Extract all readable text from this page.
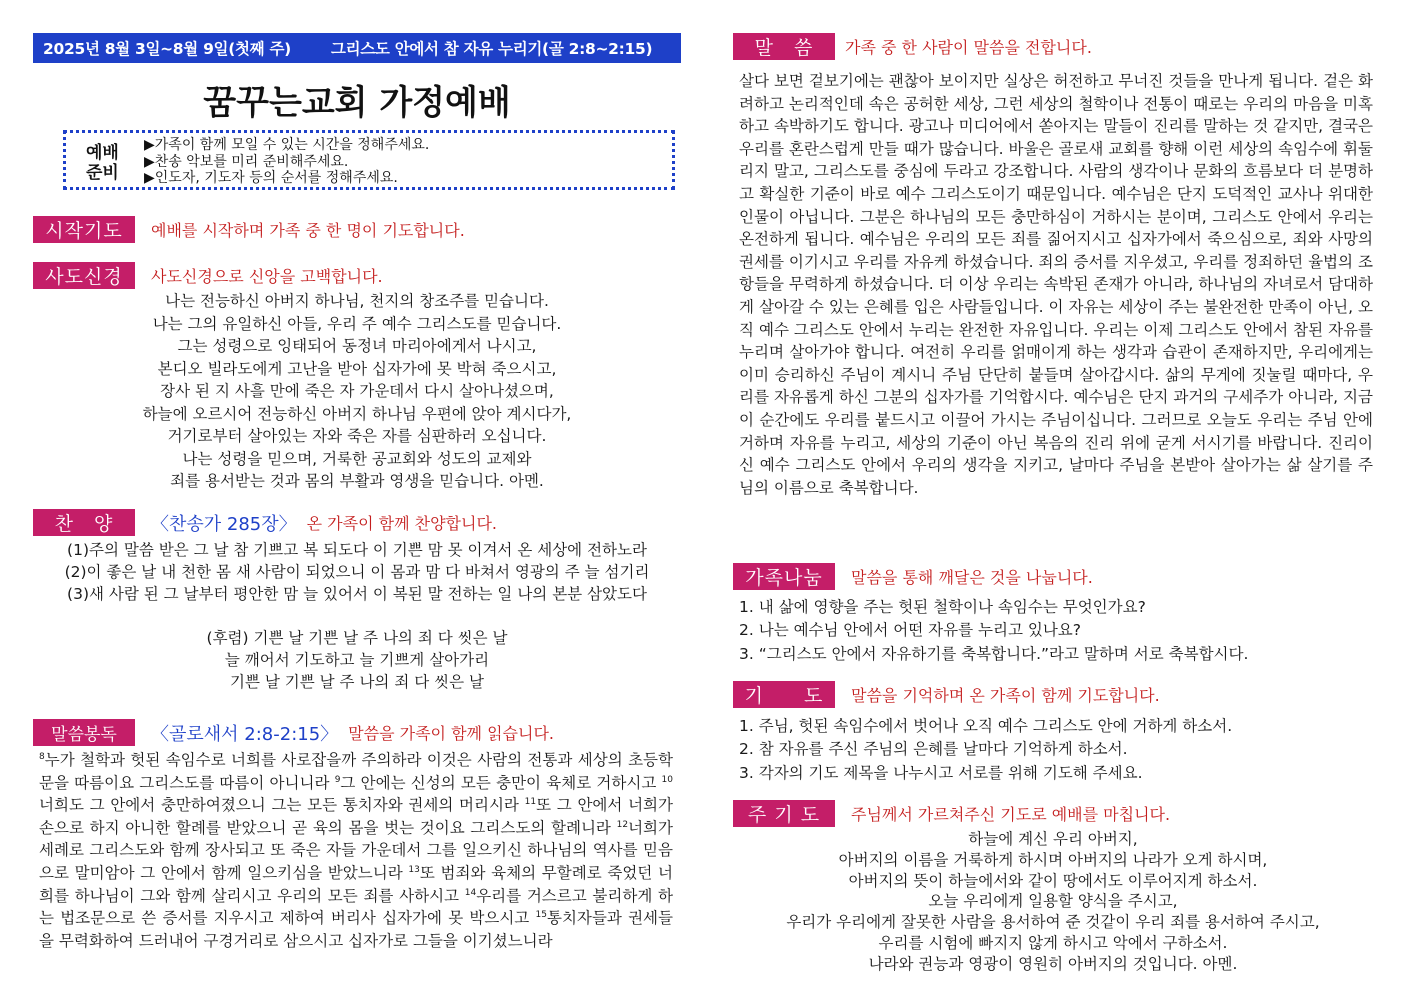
2025년 8월 3일~8월 9일(첫째 주)	그리스도 안에서 참 자유 누리기(골 2:8~2:15)
꿈꾸는교회 가정예배
예배
준비
▶가족이 함께 모일 수 있는 시간을 정해주세요.
▶찬송 악보를 미리 준비해주세요.
▶인도자, 기도자 등의 순서를 정해주세요.
시작기도	예배를 시작하며 가족 중 한 명이 기도합니다.
사도신경	사도신경으로 신앙을 고백합니다.
나는 전능하신 아버지 하나님, 천지의 창조주를 믿습니다.
나는 그의 유일하신 아들, 우리 주 예수 그리스도를 믿습니다.
그는 성령으로 잉태되어 동정녀 마리아에게서 나시고,
본디오 빌라도에게 고난을 받아 십자가에 못 박혀 죽으시고,
장사 된 지 사흘 만에 죽은 자 가운데서 다시 살아나셨으며,
하늘에 오르시어 전능하신 아버지 하나님 우편에 앉아 계시다가,
거기로부터 살아있는 자와 죽은 자를 심판하러 오십니다.
나는 성령을 믿으며, 거룩한 공교회와 성도의 교제와
죄를 용서받는 것과 몸의 부활과 영생을 믿습니다. 아멘.
찬　양	〈찬송가 285장〉 온 가족이 함께 찬양합니다.
(1)주의 말씀 받은 그 날 참 기쁘고 복 되도다 이 기쁜 맘 못 이겨서 온 세상에 전하노라
(2)이 좋은 날 내 천한 몸 새 사람이 되었으니 이 몸과 맘 다 바쳐서 영광의 주 늘 섬기리
(3)새 사람 된 그 날부터 평안한 맘 늘 있어서 이 복된 말 전하는 일 나의 본분 삼았도다
(후렴) 기쁜 날 기쁜 날 주 나의 죄 다 씻은 날
늘 깨어서 기도하고 늘 기쁘게 살아가리
기쁜 날 기쁜 날 주 나의 죄 다 씻은 날
말씀봉독	〈골로새서 2:8-2:15〉 말씀을 가족이 함께 읽습니다.
$^8$누가 철학과 헛된 속임수로 너희를 사로잡을까 주의하라 이것은 사람의 전통과 세상의 초등학문을 따름이요 그리스도를 따름이 아니니라 $^9$그 안에는 신성의 모든 충만이 육체로 거하시고 $^{10}$너희도 그 안에서 충만하여졌으니 그는 모든 통치자와 권세의 머리시라 $^{11}$또 그 안에서 너희가 손으로 하지 아니한 할례를 받았으니 곧 육의 몸을 벗는 것이요 그리스도의 할례니라 $^{12}$너희가 세례로 그리스도와 함께 장사되고 또 죽은 자들 가운데서 그를 일으키신 하나님의 역사를 믿음으로 말미암아 그 안에서 함께 일으키심을 받았느니라 $^{13}$또 범죄와 육체의 무할례로 죽었던 너희를 하나님이 그와 함께 살리시고 우리의 모든 죄를 사하시고 $^{14}$우리를 거스르고 불리하게 하는 법조문으로 쓴 증서를 지우시고 제하여 버리사 십자가에 못 박으시고 $^{15}$통치자들과 권세들을 무력화하여 드러내어 구경거리로 삼으시고 십자가로 그들을 이기셨느니라
말　씀	가족 중 한 사람이 말씀을 전합니다.
살다 보면 겉보기에는 괜찮아 보이지만 실상은 허전하고 무너진 것들을 만나게 됩니다. 겉은 화려하고 논리적인데 속은 공허한 세상, 그런 세상의 철학이나 전통이 때로는 우리의 마음을 미혹하고 속박하기도 합니다. 광고나 미디어에서 쏟아지는 말들이 진리를 말하는 것 같지만, 결국은 우리를 혼란스럽게 만들 때가 많습니다. 바울은 골로새 교회를 향해 이런 세상의 속임수에 휘둘리지 말고, 그리스도를 중심에 두라고 강조합니다. 사람의 생각이나 문화의 흐름보다 더 분명하고 확실한 기준이 바로 예수 그리스도이기 때문입니다. 예수님은 단지 도덕적인 교사나 위대한 인물이 아닙니다. 그분은 하나님의 모든 충만하심이 거하시는 분이며, 그리스도 안에서 우리는 온전하게 됩니다. 예수님은 우리의 모든 죄를 짊어지시고 십자가에서 죽으심으로, 죄와 사망의 권세를 이기시고 우리를 자유케 하셨습니다. 죄의 증서를 지우셨고, 우리를 정죄하던 율법의 조항들을 무력하게 하셨습니다. 더 이상 우리는 속박된 존재가 아니라, 하나님의 자녀로서 담대하게 살아갈 수 있는 은혜를 입은 사람들입니다. 이 자유는 세상이 주는 불완전한 만족이 아닌, 오직 예수 그리스도 안에서 누리는 완전한 자유입니다. 우리는 이제 그리스도 안에서 참된 자유를 누리며 살아가야 합니다. 여전히 우리를 얽매이게 하는 생각과 습관이 존재하지만, 우리에게는 이미 승리하신 주님이 계시니 주님 단단히 붙들며 살아갑시다. 삶의 무게에 짓눌릴 때마다, 우리를 자유롭게 하신 그분의 십자가를 기억합시다. 예수님은 단지 과거의 구세주가 아니라, 지금 이 순간에도 우리를 붙드시고 이끌어 가시는 주님이십니다. 그러므로 오늘도 우리는 주님 안에 거하며 자유를 누리고, 세상의 기준이 아닌 복음의 진리 위에 굳게 서시기를 바랍니다. 진리이신 예수 그리스도 안에서 우리의 생각을 지키고, 날마다 주님을 본받아 살아가는 삶 살기를 주님의 이름으로 축복합니다.
가족나눔	말씀을 통해 깨달은 것을 나눕니다.
1. 내 삶에 영향을 주는 헛된 철학이나 속임수는 무엇인가요?
2. 나는 예수님 안에서 어떤 자유를 누리고 있나요?
3. “그리스도 안에서 자유하기를 축복합니다.”라고 말하며 서로 축복합시다.
기　　도	말씀을 기억하며 온 가족이 함께 기도합니다.
1. 주님, 헛된 속임수에서 벗어나 오직 예수 그리스도 안에 거하게 하소서.
2. 참 자유를 주신 주님의 은혜를 날마다 기억하게 하소서.
3. 각자의 기도 제목을 나누시고 서로를 위해 기도해 주세요.
주 기 도	주님께서 가르쳐주신 기도로 예배를 마칩니다.
하늘에 계신 우리 아버지,
아버지의 이름을 거룩하게 하시며 아버지의 나라가 오게 하시며,
아버지의 뜻이 하늘에서와 같이 땅에서도 이루어지게 하소서.
오늘 우리에게 일용할 양식을 주시고,
우리가 우리에게 잘못한 사람을 용서하여 준 것같이 우리 죄를 용서하여 주시고,
우리를 시험에 빠지지 않게 하시고 악에서 구하소서.
나라와 권능과 영광이 영원히 아버지의 것입니다. 아멘.
